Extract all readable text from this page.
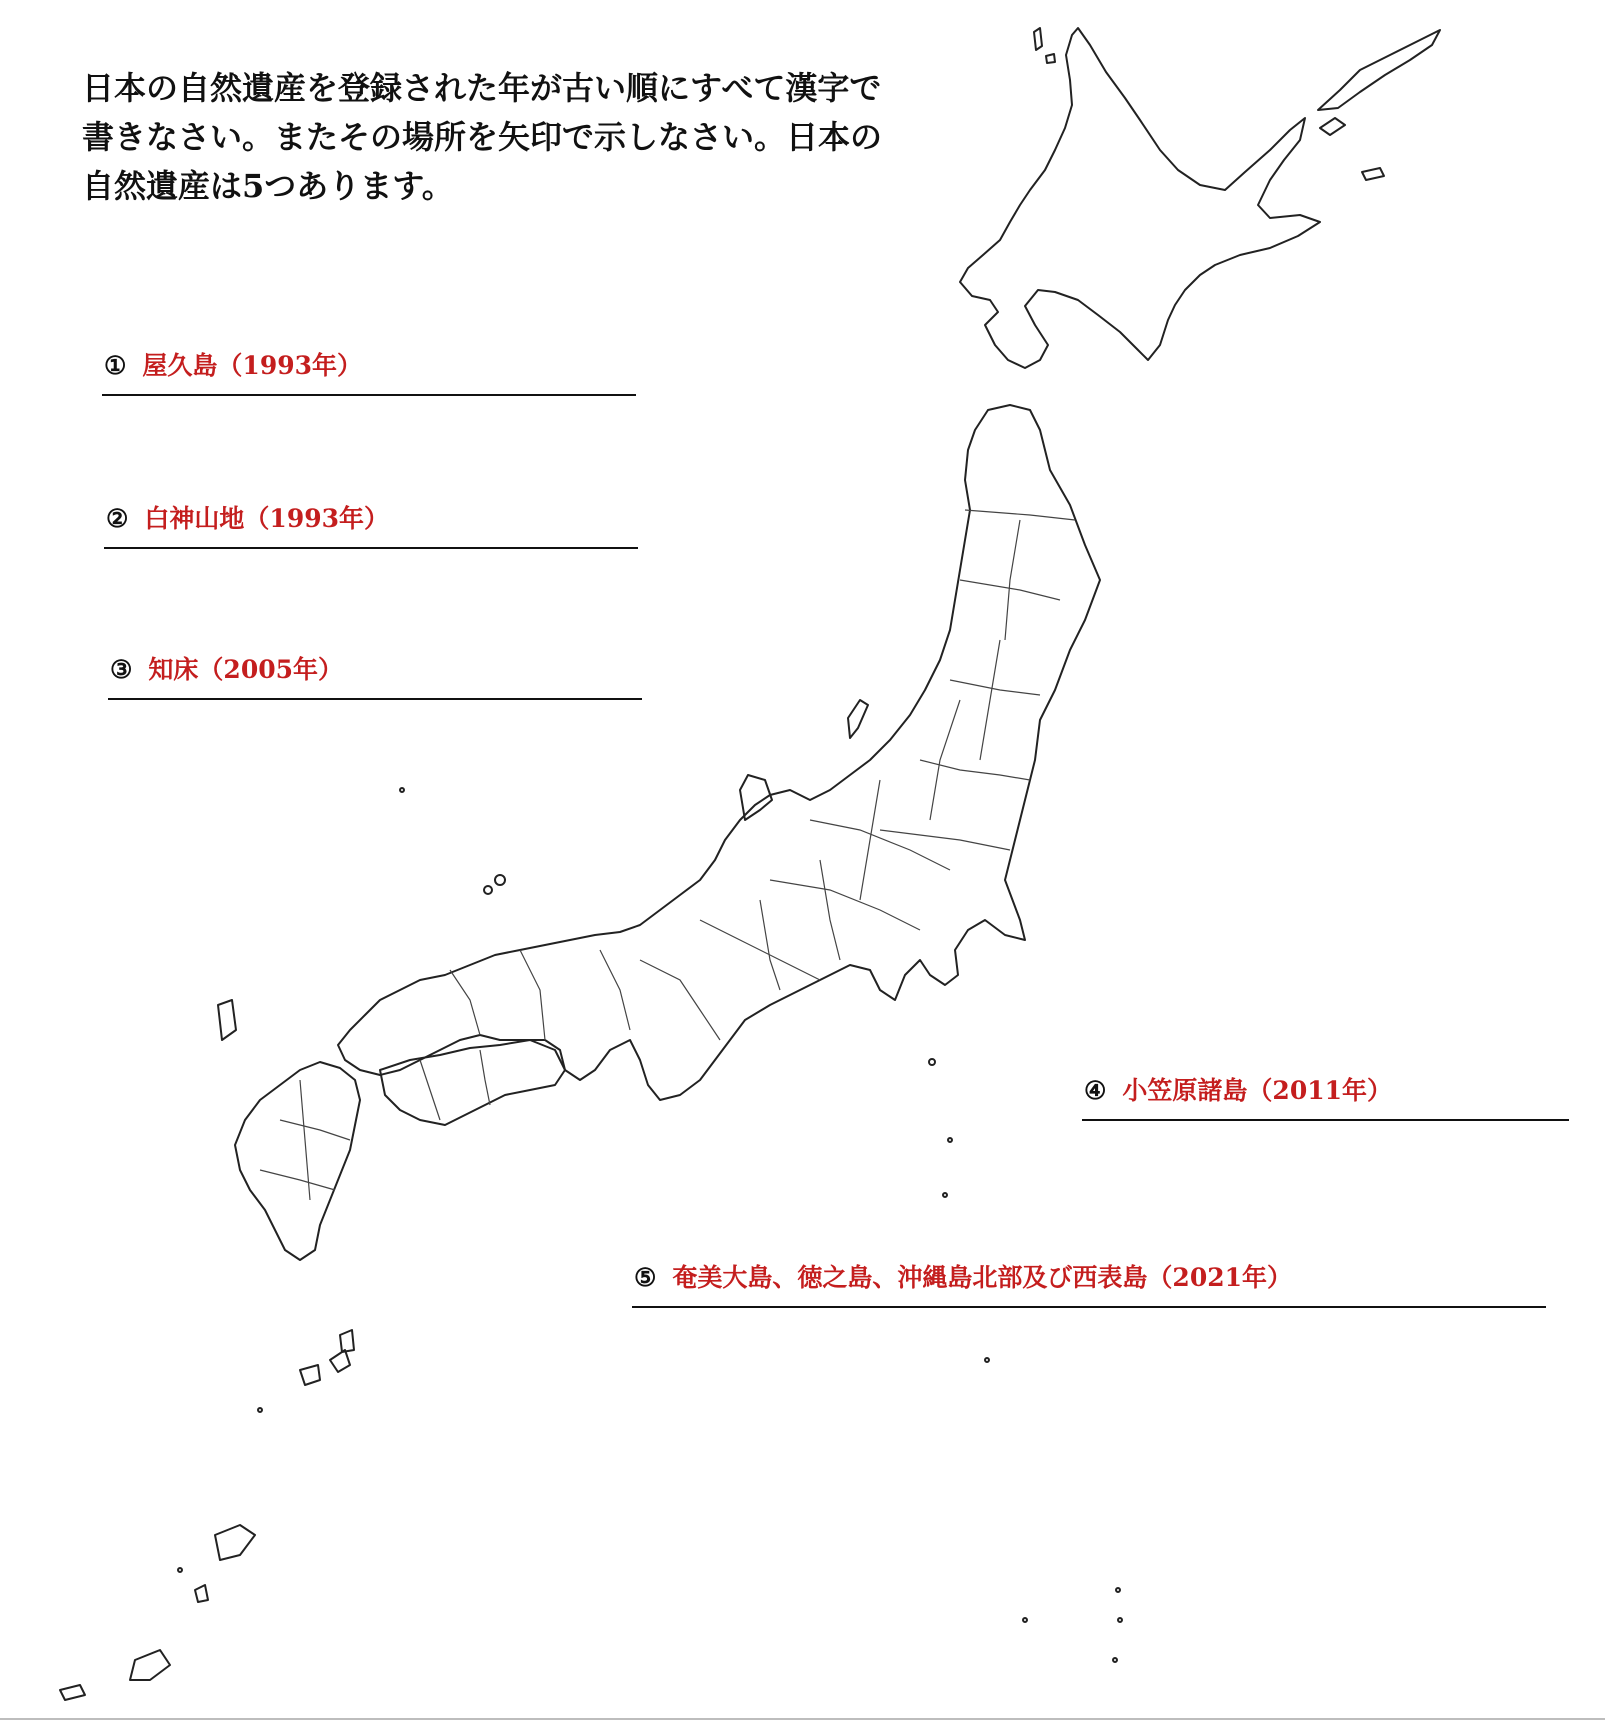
日本の自然遺産を登録された年が古い順にすべて漢字で書きなさい。またその場所を矢印で示しなさい。日本の自然遺産は5つあります。
① 屋久島（1993年）
② 白神山地（1993年）
③ 知床（2005年）
④ 小笠原諸島（2011年）
⑤ 奄美大島、徳之島、沖縄島北部及び西表島（2021年）
